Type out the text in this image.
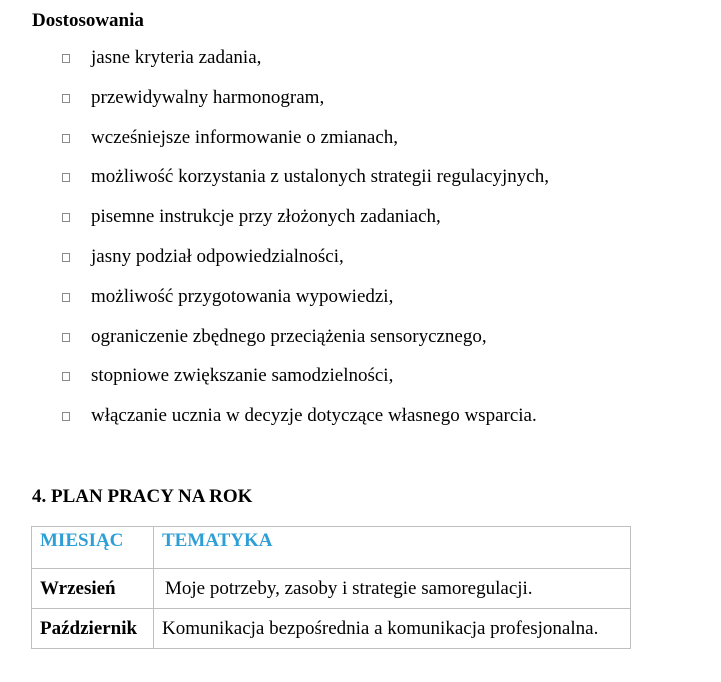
Dostosowania
jasne kryteria zadania,
przewidywalny harmonogram,
wcześniejsze informowanie o zmianach,
możliwość korzystania z ustalonych strategii regulacyjnych,
pisemne instrukcje przy złożonych zadaniach,
jasny podział odpowiedzialności,
możliwość przygotowania wypowiedzi,
ograniczenie zbędnego przeciążenia sensorycznego,
stopniowe zwiększanie samodzielności,
włączanie ucznia w decyzje dotyczące własnego wsparcia.
4. PLAN PRACY NA ROK
MIESIĄC	TEMATYKA
Wrzesień	Moje potrzeby, zasoby i strategie samoregulacji.
Październik	Komunikacja bezpośrednia a komunikacja profesjonalna.
